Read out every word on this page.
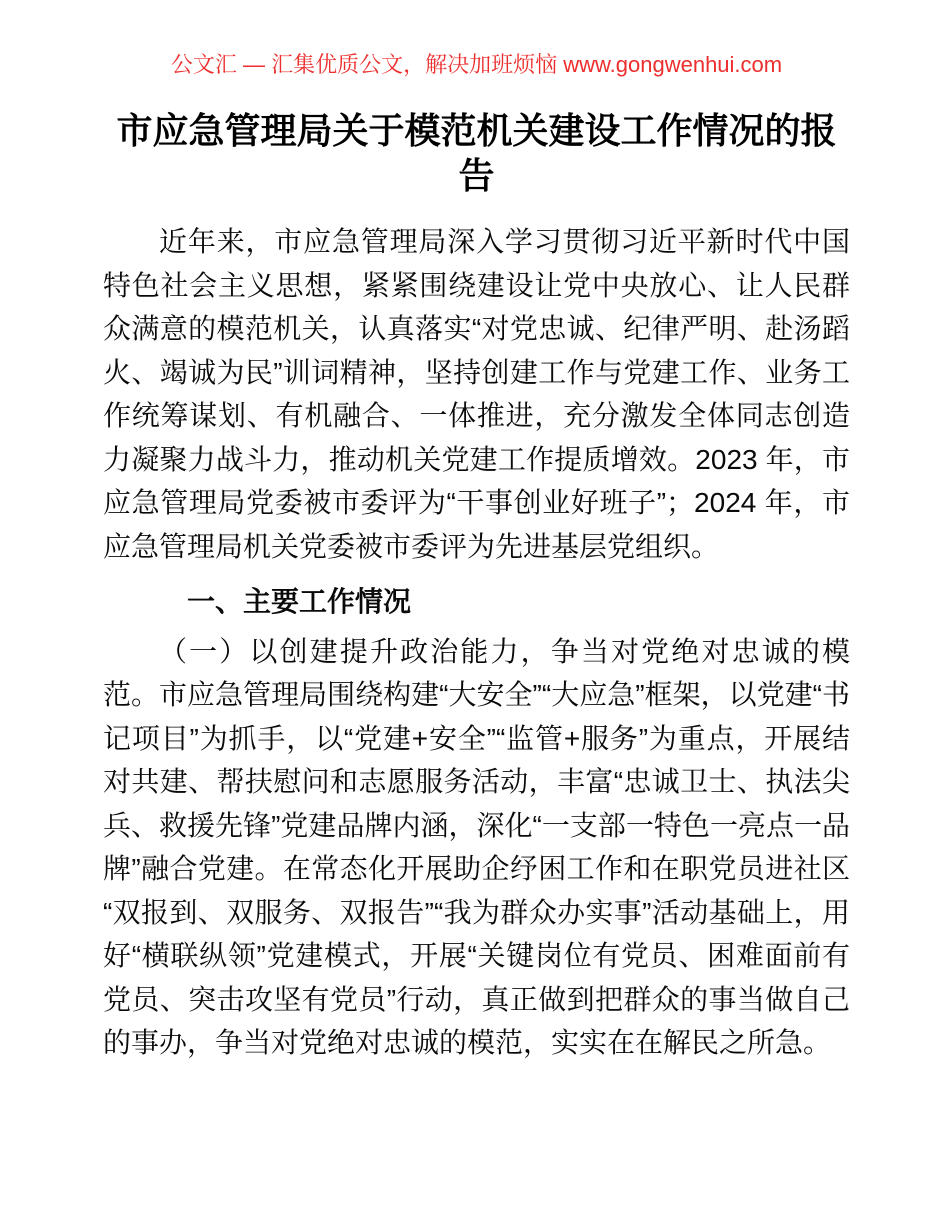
公文汇 — 汇集优质公文，解决加班烦恼 www.gongwenhui.com
市应急管理局关于模范机关建设工作情况的报告

近年来，市应急管理局深入学习贯彻习近平新时代中国特色社会主义思想，紧紧围绕建设让党中央放心、让人民群众满意的模范机关，认真落实“对党忠诚、纪律严明、赴汤蹈火、竭诚为民”训词精神，坚持创建工作与党建工作、业务工作统筹谋划、有机融合、一体推进，充分激发全体同志创造力凝聚力战斗力，推动机关党建工作提质增效。2023 年，市应急管理局党委被市委评为“干事创业好班子”；2024 年，市应急管理局机关党委被市委评为先进基层党组织。

一、主要工作情况

（一）以创建提升政治能力，争当对党绝对忠诚的模范。市应急管理局围绕构建“大安全”“大应急”框架，以党建“书记项目”为抓手，以“党建+安全”“监管+服务”为重点，开展结对共建、帮扶慰问和志愿服务活动，丰富“忠诚卫士、执法尖兵、救援先锋”党建品牌内涵，深化“一支部一特色一亮点一品牌”融合党建。在常态化开展助企纾困工作和在职党员进社区“双报到、双服务、双报告”“我为群众办实事”活动基础上，用好“横联纵领”党建模式，开展“关键岗位有党员、困难面前有党员、突击攻坚有党员”行动，真正做到把群众的事当做自己的事办，争当对党绝对忠诚的模范，实实在在解民之所急。
